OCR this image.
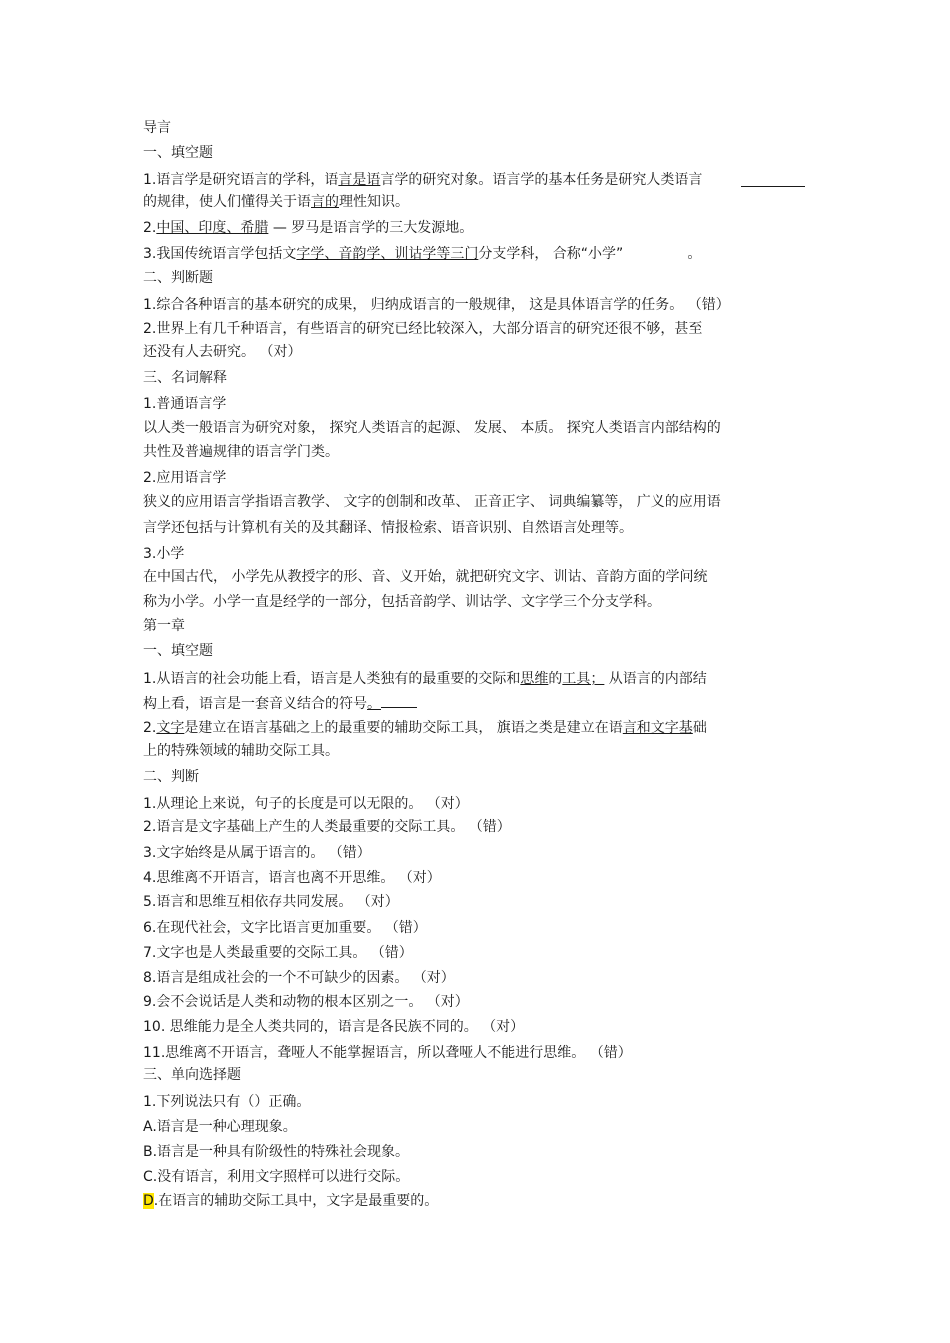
导言
一、填空题
1.语言学是研究语言的学科，语言是语言学的研究对象。语言学的基本任务是研究人类语言
的规律，使人们懂得关于语言的理性知识。
2.中国、印度、希腊 — 罗马是语言学的三大发源地。
3.我国传统语言学包括文字学、音韵学、训诂学等三门分支学科， 合称“小学”	。
二、判断题
1.综合各种语言的基本研究的成果， 归纳成语言的一般规律， 这是具体语言学的任务。 （错）
2.世界上有几千种语言，有些语言的研究已经比较深入，大部分语言的研究还很不够，甚至
还没有人去研究。 （对）
三、名词解释
1.普通语言学
以人类一般语言为研究对象， 探究人类语言的起源、 发展、 本质。 探究人类语言内部结构的
共性及普遍规律的语言学门类。
2.应用语言学
狭义的应用语言学指语言教学、 文字的创制和改革、 正音正字、 词典编纂等， 广义的应用语
言学还包括与计算机有关的及其翻译、情报检索、语音识别、自然语言处理等。
3.小学
在中国古代， 小学先从教授字的形、音、义开始，就把研究文字、训诂、音韵方面的学问统
称为小学。小学一直是经学的一部分，包括音韵学、训诂学、文字学三个分支学科。
第一章
一、填空题
1.从语言的社会功能上看，语言是人类独有的最重要的交际和思维的工具； 从语言的内部结
构上看，语言是一套音义结合的符号。
2.文字是建立在语言基础之上的最重要的辅助交际工具， 旗语之类是建立在语言和文字基础
上的特殊领域的辅助交际工具。
二、判断
1.从理论上来说，句子的长度是可以无限的。 （对）
2.语言是文字基础上产生的人类最重要的交际工具。 （错）
3.文字始终是从属于语言的。 （错）
4.思维离不开语言，语言也离不开思维。 （对）
5.语言和思维互相依存共同发展。 （对）
6.在现代社会，文字比语言更加重要。 （错）
7.文字也是人类最重要的交际工具。 （错）
8.语言是组成社会的一个不可缺少的因素。 （对）
9.会不会说话是人类和动物的根本区别之一。 （对）
10. 思维能力是全人类共同的，语言是各民族不同的。 （对）
11.思维离不开语言，聋哑人不能掌握语言，所以聋哑人不能进行思维。 （错）
三、单向选择题
1.下列说法只有（）正确。
A.语言是一种心理现象。
B.语言是一种具有阶级性的特殊社会现象。
C.没有语言，利用文字照样可以进行交际。
D.在语言的辅助交际工具中，文字是最重要的。
